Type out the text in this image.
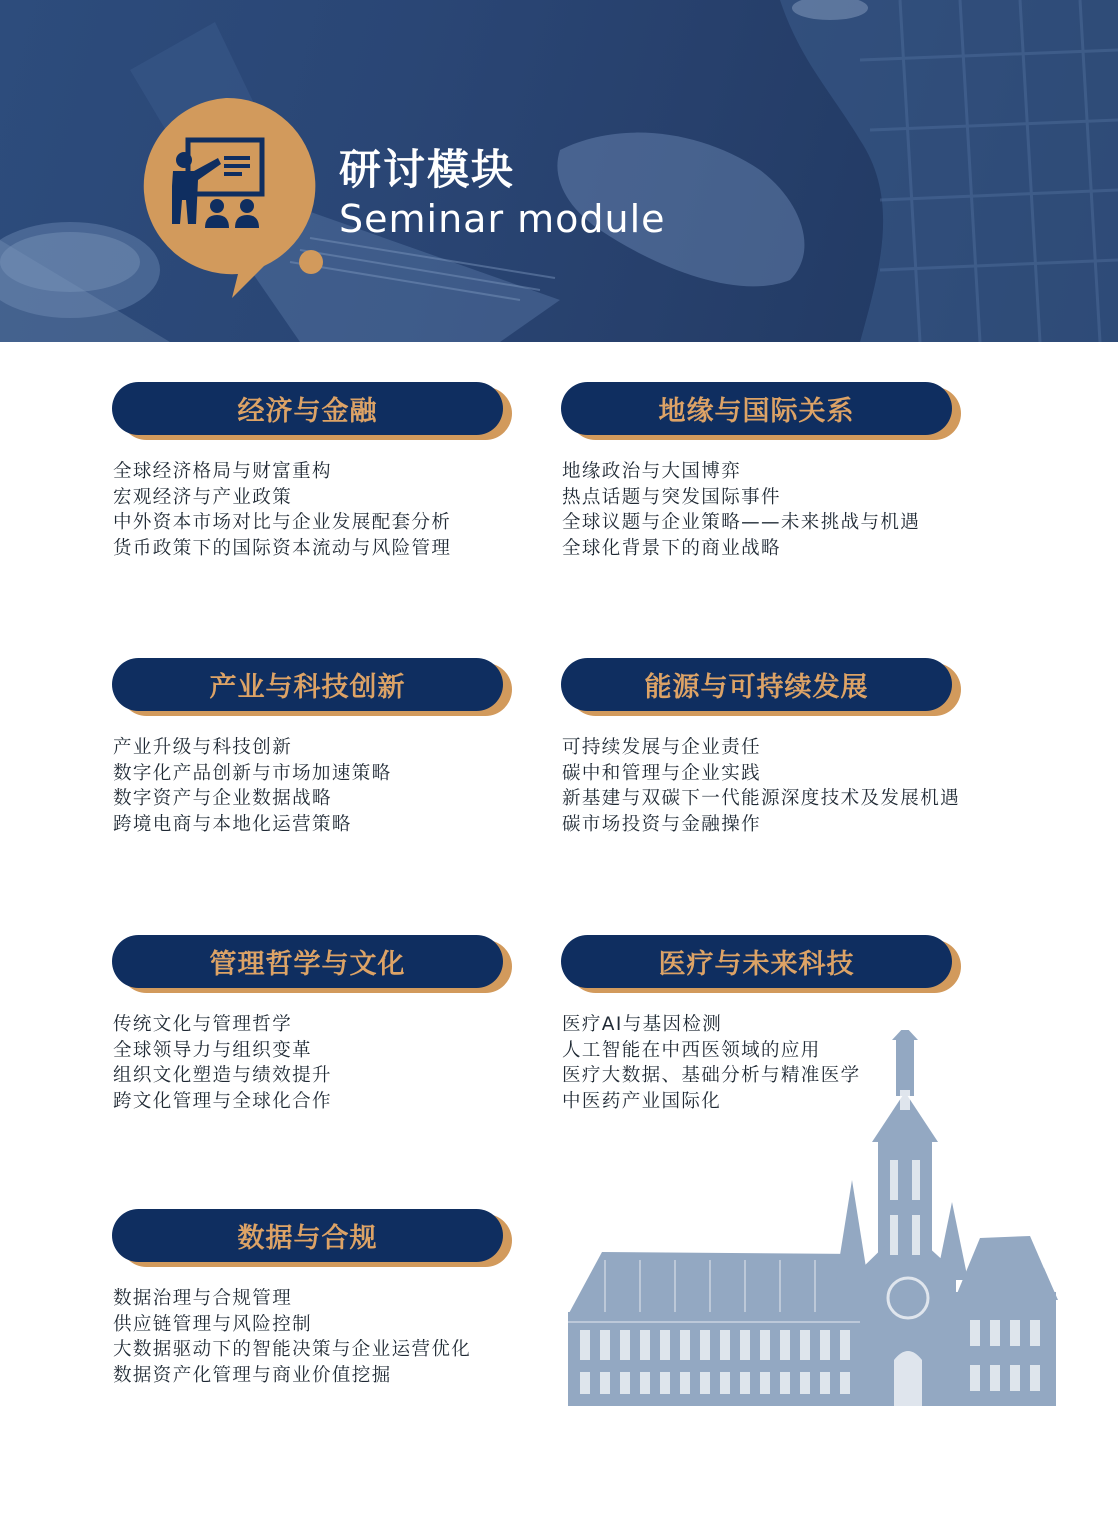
研讨模块
Seminar module
经济与金融
全球经济格局与财富重构
宏观经济与产业政策
中外资本市场对比与企业发展配套分析
货币政策下的国际资本流动与风险管理
地缘与国际关系
地缘政治与大国博弈
热点话题与突发国际事件
全球议题与企业策略——未来挑战与机遇
全球化背景下的商业战略
产业与科技创新
产业升级与科技创新
数字化产品创新与市场加速策略
数字资产与企业数据战略
跨境电商与本地化运营策略
能源与可持续发展
可持续发展与企业责任
碳中和管理与企业实践
新基建与双碳下一代能源深度技术及发展机遇
碳市场投资与金融操作
管理哲学与文化
传统文化与管理哲学
全球领导力与组织变革
组织文化塑造与绩效提升
跨文化管理与全球化合作
医疗与未来科技
医疗AI与基因检测
人工智能在中西医领域的应用
医疗大数据、基础分析与精准医学
中医药产业国际化
数据与合规
数据治理与合规管理
供应链管理与风险控制
大数据驱动下的智能决策与企业运营优化
数据资产化管理与商业价值挖掘
